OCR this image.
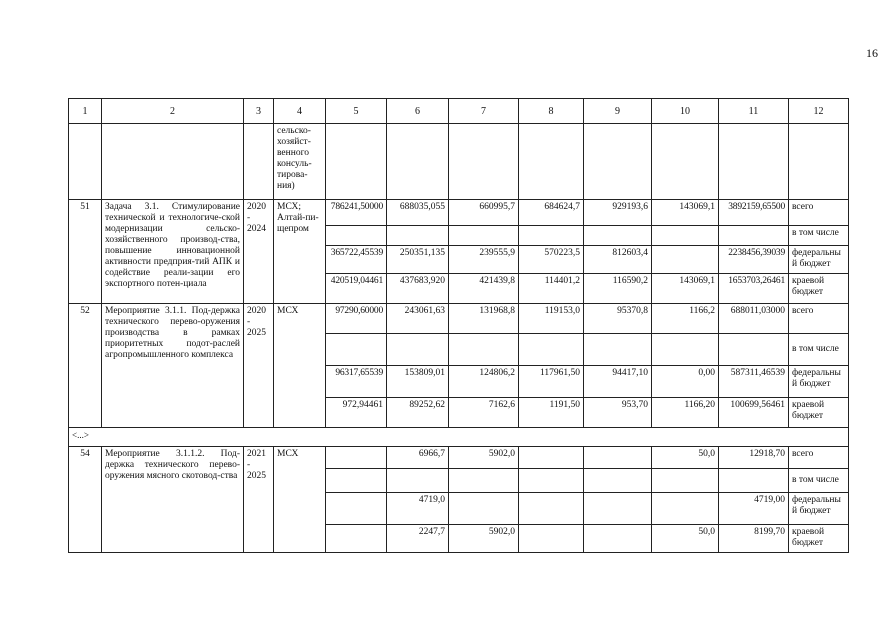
16
1	2	3	4	5	6	7	8	9	10	11	12
			сельско-хозяйст-венного консуль-тирова-ния)								
51	Задача 3.1. Стимулирование технической и технологиче-ской модернизации сельско-хозяйственного производ-ства, повышение инновационной активности предприя-тий АПК и содействие реали-зации его экспортного потен-циала	2020 - 2024	МСХ; Алтай-пи-щепром	786241,50000	688035,055	660995,7	684624,7	929193,6	143069,1	3892159,65500	всего
											в том числе
				365722,45539	250351,135	239555,9	570223,5	812603,4		2238456,39039	федеральный бюджет
				420519,04461	437683,920	421439,8	114401,2	116590,2	143069,1	1653703,26461	краевой бюджет
52	Мероприятие 3.1.1. Под-держка технического перево-оружения производства в рамках приоритетных подот-раслей агропромышленного комплекса	2020 - 2025	МСХ	97290,60000	243061,63	131968,8	119153,0	95370,8	1166,2	688011,03000	всего
											в том числе
				96317,65539	153809,01	124806,2	117961,50	94417,10	0,00	587311,46539	федеральный бюджет
				972,94461	89252,62	7162,6	1191,50	953,70	1166,20	100699,56461	краевой бюджет
<...>											
54	Мероприятие 3.1.1.2. Под-держка технического перево-оружения мясного скотовод-ства	2021 - 2025	МСХ		6966,7	5902,0			50,0	12918,70	всего
											в том числе
					4719,0					4719,00	федеральный бюджет
					2247,7	5902,0			50,0	8199,70	краевой бюджет
